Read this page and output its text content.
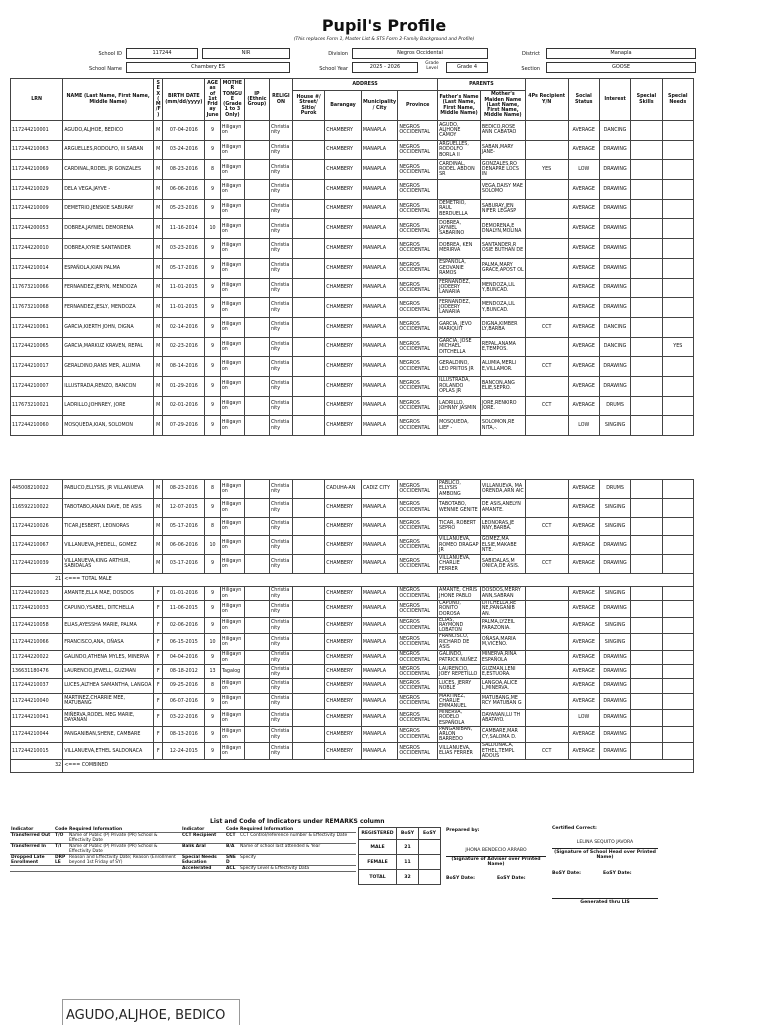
Pupil's Profile
(This replaces Form 1, Master List & STS Form 2-Family Background and Profile)
School ID	117244	NIR	Division	Negros Occidental	District	Manapla
School Name	Chambery ES	School Year	2025 - 2026
Grade Level	Grade 4	Section	GOOSE
LRN	NAME (Last Name, First Name, Middle Name)	SEX (M/F)	BIRTH DATE (mm/dd/yyyy)	AGE as of 1st Friday June	MOTHER TONGUE (Grade 1 to 3 Only)	IP (Ethnic Group)	RELIGION	ADDRESS				PARENTS		4Ps Recipient Y/N	Social Status	Interest	Special Skills	Special Needs
								House #/ Street/ Sitio/ Purok	Barangay	Municipality / City	Province	Father's Name (Last Name, First Name, Middle Name)	Mother's Maiden Name (Last Name, First Name, Middle Name)					
117244210001	AGUDO,ALJHOE, BEDICO	M	07-04-2016	9	Hiligaynon		Christianity		CHAMBERY	MANAPLA	NEGROS OCCIDENTAL	AGUDO, ALJHONE CAMOY	BEDICO,ROSE ANN CABATAO		AVERAGE	DANCING		
117244210063	ARGUELLES,RODOLFO, III SABAN	M	03-24-2016	9	Hiligaynon		Christianity		CHAMBERY	MANAPLA	NEGROS OCCIDENTAL	ARGUELLES, RODOLFO BORLA II	SABAN,MARY JANE-		AVERAGE	DRAWING		
117244210069	CARDINAL,RODEL JR GONZALES	M	08-23-2016	8	Hiligaynon		Christianity		CHAMBERY	MANAPLA	NEGROS OCCIDENTAL	CARDINAL, RODEL ABDON SR	GONZALES,RO DENAPRE LOCS IN	YES	LOW	DRAWING		
117244210029	DELA VEGA,JAYVE -	M	06-06-2016	9	Hiligaynon		Christianity		CHAMBERY	MANAPLA	NEGROS OCCIDENTAL		VEGA,DAISY MAE SOLOMO		AVERAGE	DRAWING		
117244210009	DEMETRIO,JENSKIE SABURAY	M	05-23-2016	9	Hiligaynon		Christianity		CHAMBERY	MANAPLA	NEGROS OCCIDENTAL	DEMETRIO, RAUL BERDUELLA	SABURAY,JEN NIFER LEGASP		AVERAGE	DRAWING		
117244200053	DOBREA,JAYNIEL DEMORENA	M	11-16-2014	10	Hiligaynon		Christianity		CHAMBERY	MANAPLA	NEGROS OCCIDENTAL	DOBREA, JAYNIEL SABARINO	DEMORENA,E DNALYN,MOLINA		AVERAGE	DRAWING		
117244220010	DOBREA,KYRIE SANTANDER	M	03-23-2016	9	Hiligaynon		Christianity		CHAMBERY	MANAPLA	NEGROS OCCIDENTAL	DOBREA, KEN MERIRVA	SANTANDER,R OSIE BUTHAN DE		AVERAGE	DRAWING		
117244210014	ESPAÑOLA,KIAN PALMA	M	05-17-2016	9	Hiligaynon		Christianity		CHAMBERY	MANAPLA	NEGROS OCCIDENTAL	ESPAÑOLA, GEOVANIE RAMOS	PALMA,MARY GRACE,APOST OL		AVERAGE	DRAWING		
117673210066	FERNANDEZ,JERYN, MENDOZA	M	11-01-2015	9	Hiligaynon		Christianity		CHAMBERY	MANAPLA	NEGROS OCCIDENTAL	FERNANDEZ, JODEERY LANARIA	MENDOZA,LIL Y,BUNCAD.		AVERAGE	DRAWING		
117673210068	FERNANDEZ,JESLY, MENDOZA	M	11-01-2015	9	Hiligaynon		Christianity		CHAMBERY	MANAPLA	NEGROS OCCIDENTAL	FERNANDEZ, JODEERY LANARIA	MENDOZA,LIL Y,BUNCAD.		AVERAGE	DRAWING		
117244210061	GARCIA,KIERTH JOHN, DIGNA	M	02-14-2016	9	Hiligaynon		Christianity		CHAMBERY	MANAPLA	NEGROS OCCIDENTAL	GARCIA, JEVO MARIQUIT	DIGNA,KIMBER LY,BARBA	CCT	AVERAGE	DANCING		
117244210065	GARCIA,MARKUZ KRAVEN, REPAL	M	02-23-2016	9	Hiligaynon		Christianity		CHAMBERY	MANAPLA	NEGROS OCCIDENTAL	GARCIA, JOSE MICHAEL DITCHELLA	REPAL,ANAMA E,TEMPOS.		AVERAGE	DANCING		YES
117244210017	GERALDINO,RANS MER, ALUMIA	M	08-14-2016	9	Hiligaynon		Christianity		CHAMBERY	MANAPLA	NEGROS OCCIDENTAL	GERALDINO, LEO PRITOS JR	ALUMIA,MERLI E,VILLAMOR.	CCT	AVERAGE	DRAWING		
117244210007	ILLUSTRADA,RENZO, BANCON	M	01-29-2016	9	Hiligaynon		Christianity		CHAMBERY	MANAPLA	NEGROS OCCIDENTAL	ILLUSTRADA, ROLANDO OPLAS JR	BANCON,ANG ELIE,SEPRO.		AVERAGE	DRAWING		
117673210021	LADRILLO,JOHNREY, JORE	M	02-01-2016	9	Hiligaynon		Christianity		CHAMBERY	MANAPLA	NEGROS OCCIDENTAL	LADRILLO, JOHNNY JASMIN	JORE,RENKIRO JORE.	CCT	AVERAGE	DRUMS		
117244210060	MOSQUEDA,KIAN, SOLOMON	M	07-29-2016	9	Hiligaynon		Christianity		CHAMBERY	MANAPLA	NEGROS OCCIDENTAL	MOSQUEDA, LIEF -	SOLOMON,RE NITA,-.		LOW	SINGING		
445008210022	PABLICO,ELLYSIS, JR VILLANUEVA	M	08-23-2016	8	Hiligaynon		Christianity		CADUHA-AN	CADIZ CITY	NEGROS OCCIDENTAL	PABLICO, ELLYSIS AMBONG	VILLANUEVA, MA ORENDA,ARN AIC		AVERAGE	DRUMS		
116592210022	TABOTABO,ANAN DAVE, DE ASIS	M	12-07-2015	9	Hiligaynon		Christianity		CHAMBERY	MANAPLA	NEGROS OCCIDENTAL	TABOTABO, WENNIE GENITE	DE ASIS,ANELYN AMANTE.		AVERAGE	SINGING		
117244210026	TICAR,JESBERT, LEONORAS	M	05-17-2016	8	Hiligaynon		Christianity		CHAMBERY	MANAPLA	NEGROS OCCIDENTAL	TICAR, ROBERT SEPRO	LEONORAS,JE NNY,BARBA.	CCT	AVERAGE	SINGING		
117244210067	VILLANUEVA,JHEDELL, GOMEZ	M	06-06-2016	10	Hiligaynon		Christianity		CHAMBERY	MANAPLA	NEGROS OCCIDENTAL	VILLANUEVA, ROMEO DRAGAP JR	GOMEZ,MA ELSIE,MAKABE NTE.		AVERAGE	DRAWING		
117244210039	VILLANUEVA,KING ARTHUR, SABIDALAS	M	03-17-2016	9	Hiligaynon		Christianity		CHAMBERY	MANAPLA	NEGROS OCCIDENTAL	VILLANUEVA, CHARLIE FERRER	SABIDALAS,M ONICA,DE ASIS.	CCT	AVERAGE	DRAWING		
21	<=== TOTAL MALE																	
117244210023	AMANTE,ELLA MAE, DOSDOS	F	01-01-2016	9	Hiligaynon		Christianity		CHAMBERY	MANAPLA	NEGROS OCCIDENTAL	AMANTE, CHRIS JHONE PABLO	DOSDOS,MERRY ANN,SABRAN		AVERAGE	SINGING		
117244210033	CAPUNO,YSABEL, DITCHELLA	F	11-06-2015	9	Hiligaynon		Christianity		CHAMBERY	MANAPLA	NEGROS OCCIDENTAL	CAPUNO, RONITO DOROSA	DITCHELLA,RE NE,PANGANIB AN.		AVERAGE	DRAWING		
117244210058	ELIAS,AYESSHA MARIE, PALMA	F	02-06-2016	9	Hiligaynon		Christianity		CHAMBERY	MANAPLA	NEGROS OCCIDENTAL	ELIAS, RAYMOND LOBATON	PALMA,LYZEIL FARAZONIA.		AVERAGE	SINGING		
117244210066	FRANCISCO,ANA, OÑASA	F	06-15-2015	10	Hiligaynon		Christianity		CHAMBERY	MANAPLA	NEGROS OCCIDENTAL	FRANCISCO, RICHARD DE ASIS	OÑASA,MARIA M,VICENO.		AVERAGE	SINGING		
117244220022	GALINDO,ATHENA MYLES, MINERVA	F	04-04-2016	9	Hiligaynon		Christianity		CHAMBERY	MANAPLA	NEGROS OCCIDENTAL	GALINDO, PATRICK NUÑEZ	MINERVA,RINA ESPAÑOLA		AVERAGE	DRAWING		
136631180476	LAURENCIO,JEWELL, GUZMAN	F	08-18-2012	13	Tagalog		Christianity		CHAMBERY	MANAPLA	NEGROS OCCIDENTAL	LAURENCIO, JOEY REPETILLO	GUZMAN,LENI E,ESTUORA.		AVERAGE	DRAWING		
117244210037	LUCES,ALTHEA SAMANTHA, LANGOA	F	09-25-2016	8	Hiligaynon		Christianity		CHAMBERY	MANAPLA	NEGROS OCCIDENTAL	LUCES, JERRY NOBLE	LANGOA,ALICE L,MINERVA.		AVERAGE	DRAWING		
117244210040	MARTINEZ,CHARRIE MEE, MATUBANG	F	06-07-2016	9	Hiligaynon		Christianity		CHAMBERY	MANAPLA	NEGROS OCCIDENTAL	MARTINEZ, CHARLIE EMMANUEL	MATUBANG,ME RCY MATUBAN G		AVERAGE	DRAWING		
117244210041	MIÑERVA,RODEL MEG MARIE, DAYANAN	F	03-22-2016	9	Hiligaynon		Christianity		CHAMBERY	MANAPLA	NEGROS OCCIDENTAL	MINERVA, RODELO ESPAÑOLA	DAYANAN,LU TH ABATAYO.		LOW	DRAWING		
117244210044	PANGANIBAN,SHENE, CAMBARE	F	08-13-2016	9	Hiligaynon		Christianity		CHAMBERY	MANAPLA	NEGROS OCCIDENTAL	PANGANIBAN, ARLON BARREDO	CAMBARE,MAR CY,SALOMA D.		AVERAGE	DRAWING		
117244210015	VILLANUEVA,ETHEL SALDONACA	F	12-24-2015	9	Hiligaynon		Christianity		CHAMBERY	MANAPLA	NEGROS OCCIDENTAL	VILLANUEVA, ELIAS FERRER	SALDONACA, ETHEL,TEMPL ADOUS	CCT	AVERAGE	DRAWING		
32	<=== COMBINED																	
List and Code of Indicators under REMARKS column
Indicator	Code	Required Information	Indicator	Code	Required Information
Transferred Out	T/O	Name of Public (P) Private (PR) School & Effectivity Date	CCT Recipient	CCT	CCT Control/reference number & Effectivity Date
Transferred In	T/I	Name of Public (P) Private (PR) School & Effectivity Date	Balik Aral	B/A	Name of school last attended & Year
Dropped Late Enrollment	DRP LE	Reason and Effectivity Date; Reason (Enrollment beyond 1st Friday of SY)	Special Needs Education	SNE D	Specify
			Accelerated	ACL	Specify Level & Effectivity Data
REGISTERED	BoSY	EoSY
MALE	21	
FEMALE	11	
TOTAL	32	
Prepared by:
JHONA BENDECIO ARRABO
(Signature of Adviser over Printed Name)
BoSY Date:	EoSY Date:
Certified Correct:
LELINA SEQUITO JAVORA
(Signature of School Head over Printed Name)
BoSY Date:	EoSY Date:
Generated thru LIS
AGUDO,ALJHOE, BEDICO
